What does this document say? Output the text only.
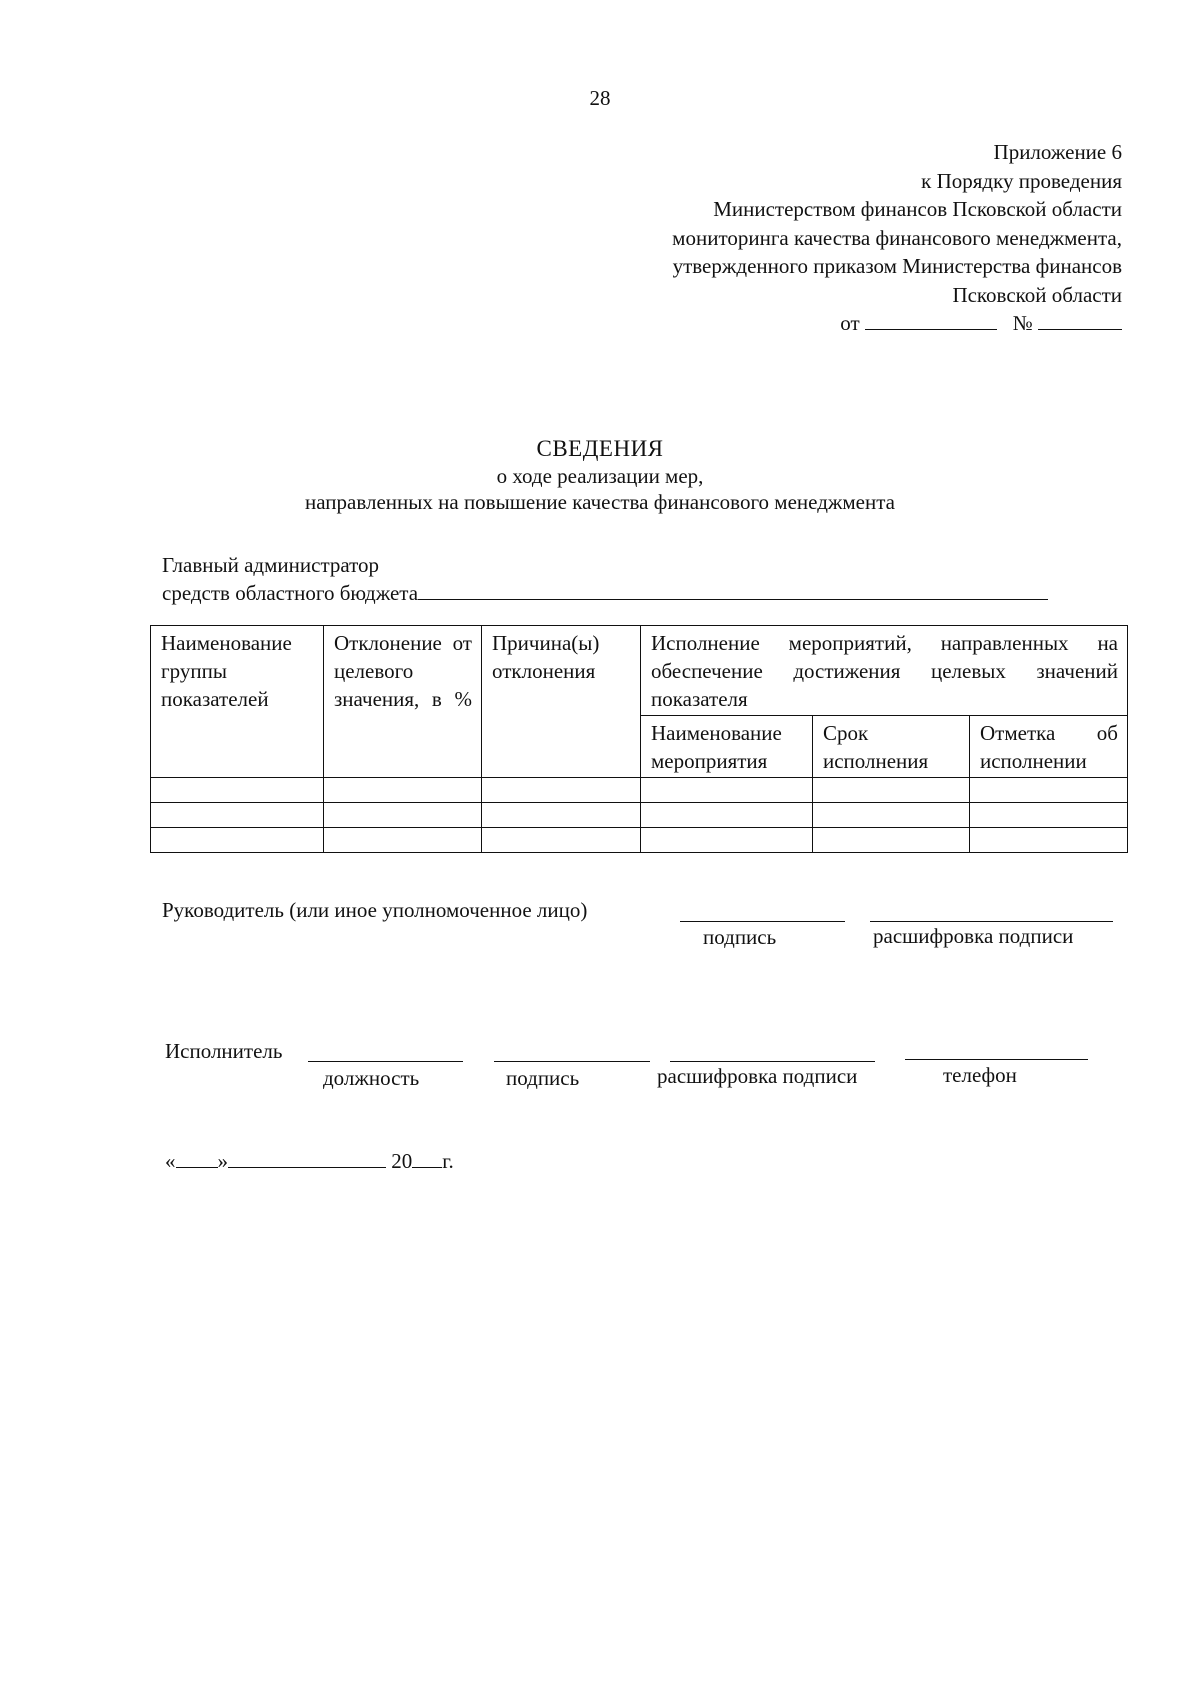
28
Приложение 6
к Порядку проведения
Министерством финансов Псковской области
мониторинга качества финансового менеджмента,
утвержденного приказом Министерства финансов
Псковской области
от	№
СВЕДЕНИЯ
о ходе реализации мер,
направленных на повышение качества финансового менеджмента
Главный администратор
средств областного бюджета
Наименование группы показателей	Отклонение от целевого значения, в %	Причина(ы) отклонения	Исполнение мероприятий, направленных на обеспечение достижения целевых значений показателя		
			Наименование мероприятия	Срок исполнения	Отметка об исполнении

Руководитель (или иное уполномоченное лицо)
подпись	расшифровка подписи
Исполнитель
должность	подпись	расшифровка подписи	телефон
« »	20 г.
